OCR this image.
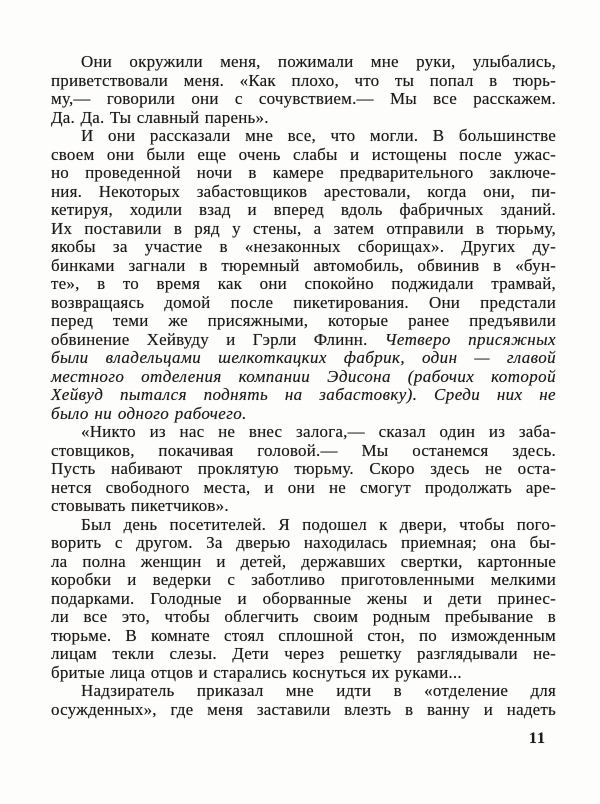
Они окружили меня, пожимали мне руки, улыбались,
приветствовали меня. «Как плохо, что ты попал в тюрь-
му,— говорили они с сочувствием.— Мы все расскажем.
Да. Да. Ты славный парень».
И они рассказали мне все, что могли. В большинстве
своем они были еще очень слабы и истощены после ужас-
но проведенной ночи в камере предварительного заключе-
ния. Некоторых забастовщиков арестовали, когда они, пи-
кетируя, ходили взад и вперед вдоль фабричных зданий.
Их поставили в ряд у стены, а затем отправили в тюрьму,
якобы за участие в «незаконных сборищах». Других ду-
бинками загнали в тюремный автомобиль, обвинив в «бун-
те», в то время как они спокойно поджидали трамвай,
возвращаясь домой после пикетирования. Они предстали
перед теми же присяжными, которые ранее предъявили
обвинение Хейвуду и Гэрли Флинн. Четверо присяжных
были владельцами шелкоткацких фабрик, один — главой
местного отделения компании Эдисона (рабочих которой
Хейвуд пытался поднять на забастовку). Среди них не
было ни одного рабочего.
«Никто из нас не внес залога,— сказал один из заба-
стовщиков, покачивая головой.— Мы останемся здесь.
Пусть набивают проклятую тюрьму. Скоро здесь не оста-
нется свободного места, и они не смогут продолжать аре-
стовывать пикетчиков».
Был день посетителей. Я подошел к двери, чтобы пого-
ворить с другом. За дверью находилась приемная; она бы-
ла полна женщин и детей, державших свертки, картонные
коробки и ведерки с заботливо приготовленными мелкими
подарками. Голодные и оборванные жены и дети принес-
ли все это, чтобы облегчить своим родным пребывание в
тюрьме. В комнате стоял сплошной стон, по изможденным
лицам текли слезы. Дети через решетку разглядывали не-
бритые лица отцов и старались коснуться их руками...
Надзиратель приказал мне идти в «отделение для
осужденных», где меня заставили влезть в ванну и надеть
11
